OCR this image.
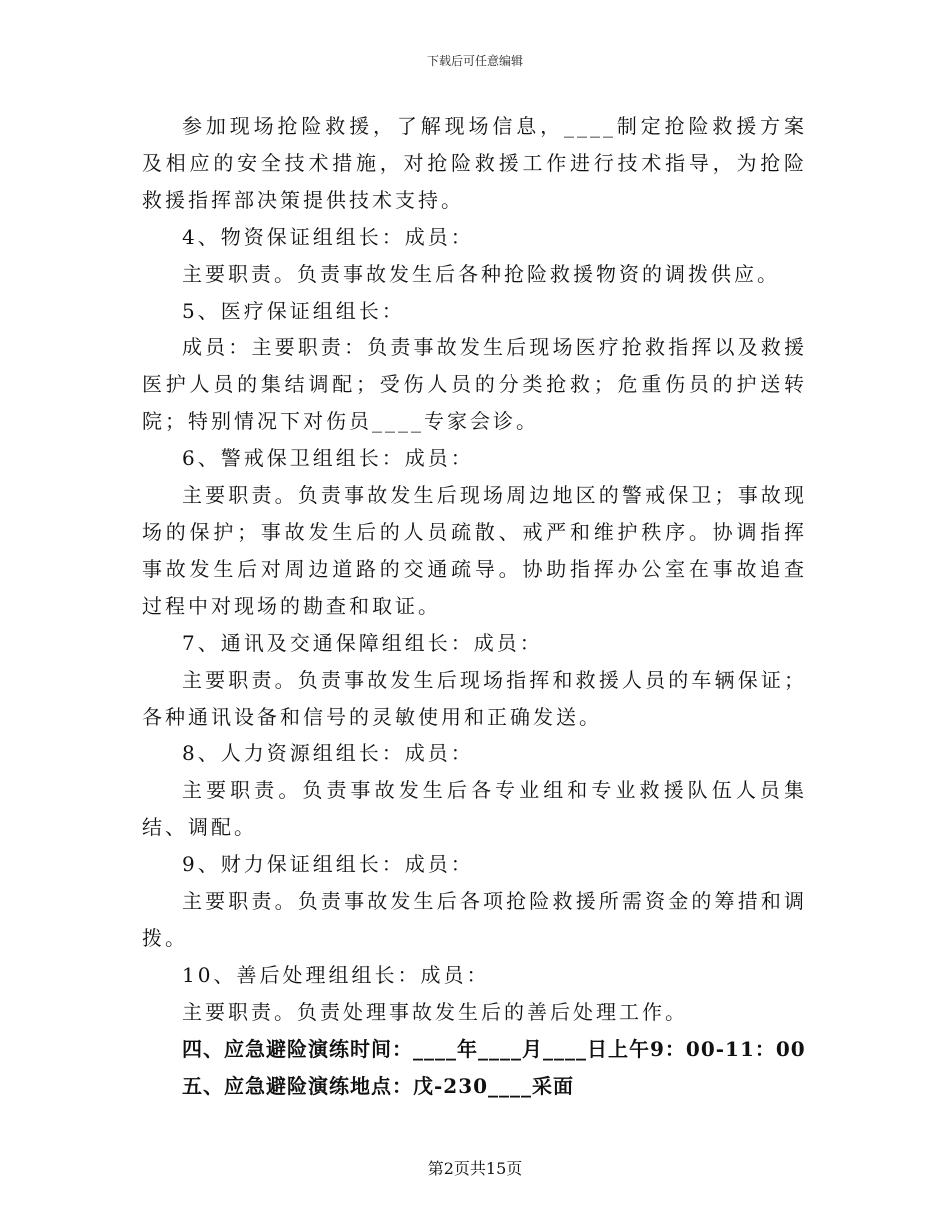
下载后可任意编辑

参加现场抢险救援，了解现场信息，____制定抢险救援方案及相应的安全技术措施，对抢险救援工作进行技术指导，为抢险救援指挥部决策提供技术支持。

4、物资保证组组长：成员：

主要职责。负责事故发生后各种抢险救援物资的调拨供应。

5、医疗保证组组长：

成员：主要职责：负责事故发生后现场医疗抢救指挥以及救援医护人员的集结调配；受伤人员的分类抢救；危重伤员的护送转院；特别情况下对伤员____专家会诊。

6、警戒保卫组组长：成员：

主要职责。负责事故发生后现场周边地区的警戒保卫；事故现场的保护；事故发生后的人员疏散、戒严和维护秩序。协调指挥事故发生后对周边道路的交通疏导。协助指挥办公室在事故追查过程中对现场的勘查和取证。

7、通讯及交通保障组组长：成员：

主要职责。负责事故发生后现场指挥和救援人员的车辆保证；各种通讯设备和信号的灵敏使用和正确发送。

8、人力资源组组长：成员：

主要职责。负责事故发生后各专业组和专业救援队伍人员集结、调配。

9、财力保证组组长：成员：

主要职责。负责事故发生后各项抢险救援所需资金的筹措和调拨。

10、善后处理组组长：成员：

主要职责。负责处理事故发生后的善后处理工作。

四、应急避险演练时间：____年____月____日上午9：00-11：00

五、应急避险演练地点：戊-230____采面

第2页共15页
